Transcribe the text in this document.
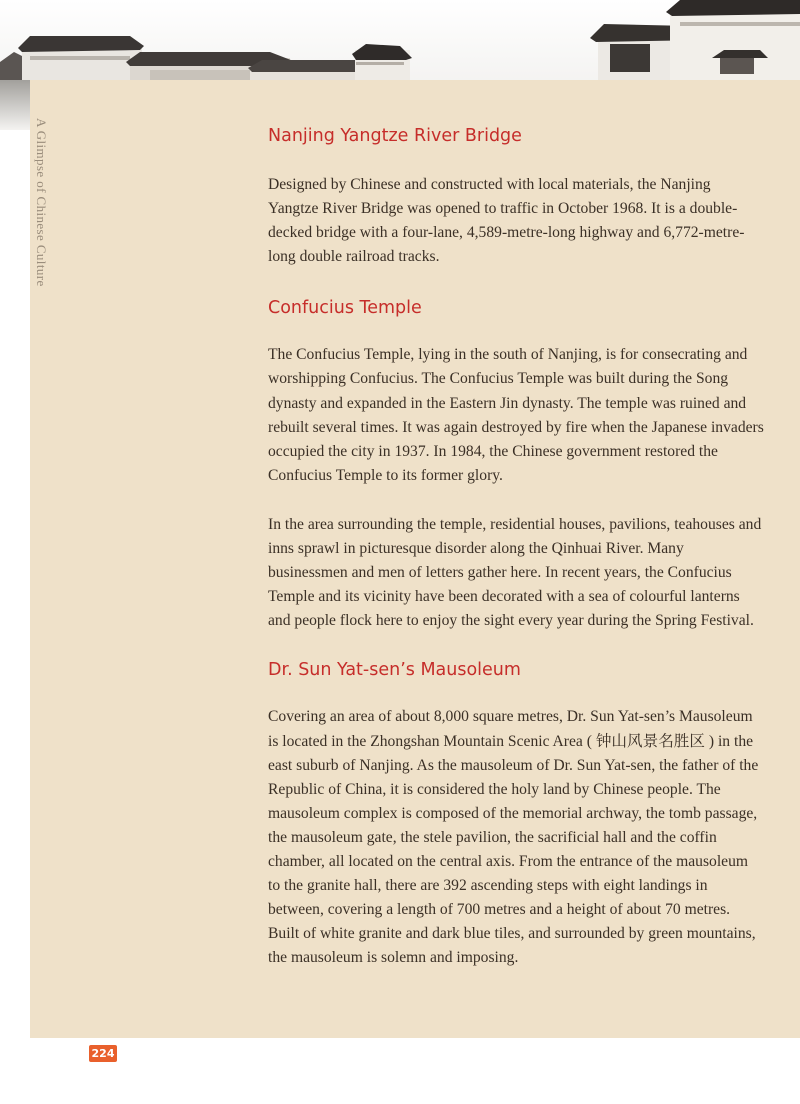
A Glimpse of Chinese Culture	Nanjing Yangtze River Bridge

Designed by Chinese and constructed with local materials, the Nanjing Yangtze River Bridge was opened to traffic in October 1968. It is a double-decked bridge with a four-lane, 4,589-metre-long highway and 6,772-metre-long double railroad tracks.

Confucius Temple

The Confucius Temple, lying in the south of Nanjing, is for consecrating and worshipping Confucius. The Confucius Temple was built during the Song dynasty and expanded in the Eastern Jin dynasty. The temple was ruined and rebuilt several times. It was again destroyed by fire when the Japanese invaders occupied the city in 1937. In 1984, the Chinese government restored the Confucius Temple to its former glory.

In the area surrounding the temple, residential houses, pavilions, teahouses and inns sprawl in picturesque disorder along the Qinhuai River. Many businessmen and men of letters gather here. In recent years, the Confucius Temple and its vicinity have been decorated with a sea of colourful lanterns and people flock here to enjoy the sight every year during the Spring Festival.

Dr. Sun Yat-sen’s Mausoleum

Covering an area of about 8,000 square metres, Dr. Sun Yat-sen’s Mausoleum is located in the Zhongshan Mountain Scenic Area ( 钟山风景名胜区 ) in the east suburb of Nanjing. As the mausoleum of Dr. Sun Yat-sen, the father of the Republic of China, it is considered the holy land by Chinese people. The mausoleum complex is composed of the memorial archway, the tomb passage, the mausoleum gate, the stele pavilion, the sacrificial hall and the coffin chamber, all located on the central axis. From the entrance of the mausoleum to the granite hall, there are 392 ascending steps with eight landings in between, covering a length of 700 metres and a height of about 70 metres. Built of white granite and dark blue tiles, and surrounded by green mountains, the mausoleum is solemn and imposing.

224
